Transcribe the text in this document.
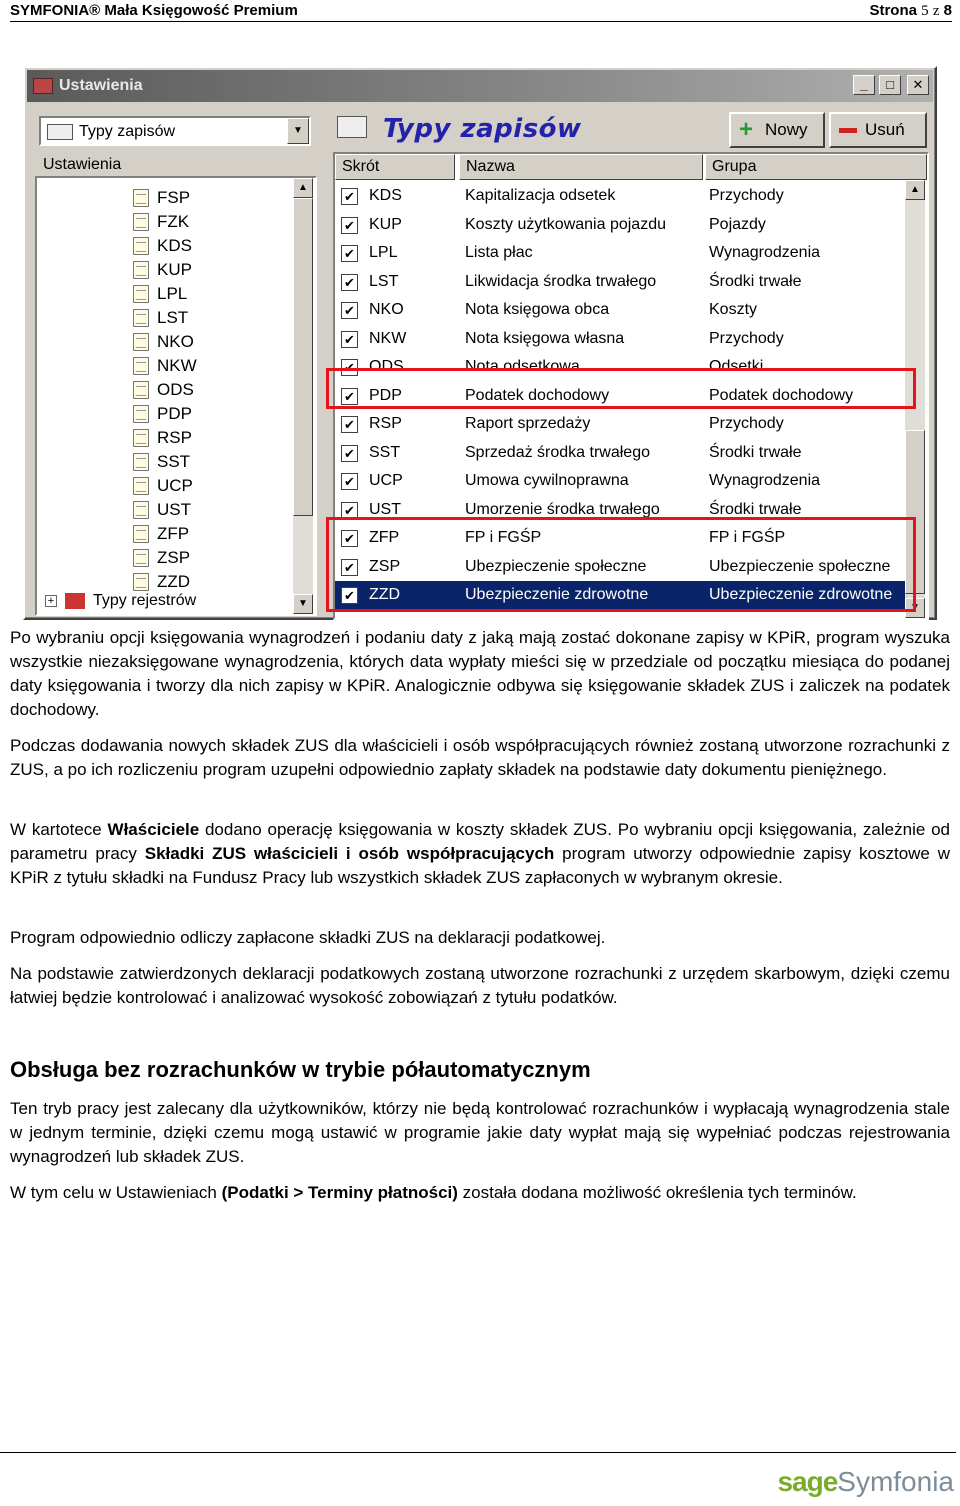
SYMFONIA® Mała Księgowość Premium	Strona 5 z 8
Ustawienia	_	□	✕
Typy zapisów	▼
Ustawienia
FSP
FZK
KDS
KUP
LPL
LST
NKO
NKW
ODS
PDP
RSP
SST
UCP
UST
ZFP
ZSP
ZZD
+ Typy rejestrów
▲
▼
Typy zapisów	+ Nowy	Usuń
Skrót	Nazwa	Grupa
✔ KDS	Kapitalizacja odsetek	Przychody
✔ KUP	Koszty użytkowania pojazdu	Pojazdy
✔ LPL	Lista płac	Wynagrodzenia
✔ LST	Likwidacja środka trwałego	Środki trwałe
✔ NKO	Nota księgowa obca	Koszty
✔ NKW	Nota księgowa własna	Przychody
✔ ODS	Nota odsetkowa	Odsetki
✔ PDP	Podatek dochodowy	Podatek dochodowy
✔ RSP	Raport sprzedaży	Przychody
✔ SST	Sprzedaż środka trwałego	Środki trwałe
✔ UCP	Umowa cywilnoprawna	Wynagrodzenia
✔ UST	Umorzenie środka trwałego	Środki trwałe
✔ ZFP	FP i FGŚP	FP i FGŚP
✔ ZSP	Ubezpieczenie społeczne	Ubezpieczenie społeczne
✔ ZZD	Ubezpieczenie zdrowotne	Ubezpieczenie zdrowotne
▲
▼

Po wybraniu opcji księgowania wynagrodzeń i podaniu daty z jaką mają zostać dokonane zapisy w KPiR, program wyszuka wszystkie niezaksięgowane wynagrodzenia, których data wypłaty mieści się w przedziale od początku miesiąca do podanej daty księgowania i tworzy dla nich zapisy w KPiR. Analogicznie odbywa się księgowanie składek ZUS i zaliczek na podatek dochodowy.

Podczas dodawania nowych składek ZUS dla właścicieli i osób współpracujących również zostaną utworzone rozrachunki z ZUS, a po ich rozliczeniu program uzupełni odpowiednio zapłaty składek na podstawie daty dokumentu pieniężnego.

W kartotece Właściciele dodano operację księgowania w koszty składek ZUS. Po wybraniu opcji księgowania, zależnie od parametru pracy Składki ZUS właścicieli i osób współpracujących program utworzy odpowiednie zapisy kosztowe w KPiR z tytułu składki na Fundusz Pracy lub wszystkich składek ZUS zapłaconych w wybranym okresie.

Program odpowiednio odliczy zapłacone składki ZUS na deklaracji podatkowej.

Na podstawie zatwierdzonych deklaracji podatkowych zostaną utworzone rozrachunki z urzędem skarbowym, dzięki czemu łatwiej będzie kontrolować i analizować wysokość zobowiązań z tytułu podatków.

Obsługa bez rozrachunków w trybie półautomatycznym

Ten tryb pracy jest zalecany dla użytkowników, którzy nie będą kontrolować rozrachunków i wypłacają wynagrodzenia stale w jednym terminie, dzięki czemu mogą ustawić w programie jakie daty wypłat mają się wypełniać podczas rejestrowania wynagrodzeń lub składek ZUS.

W tym celu w Ustawieniach (Podatki > Terminy płatności) została dodana możliwość określenia tych terminów.

sageSymfonia
